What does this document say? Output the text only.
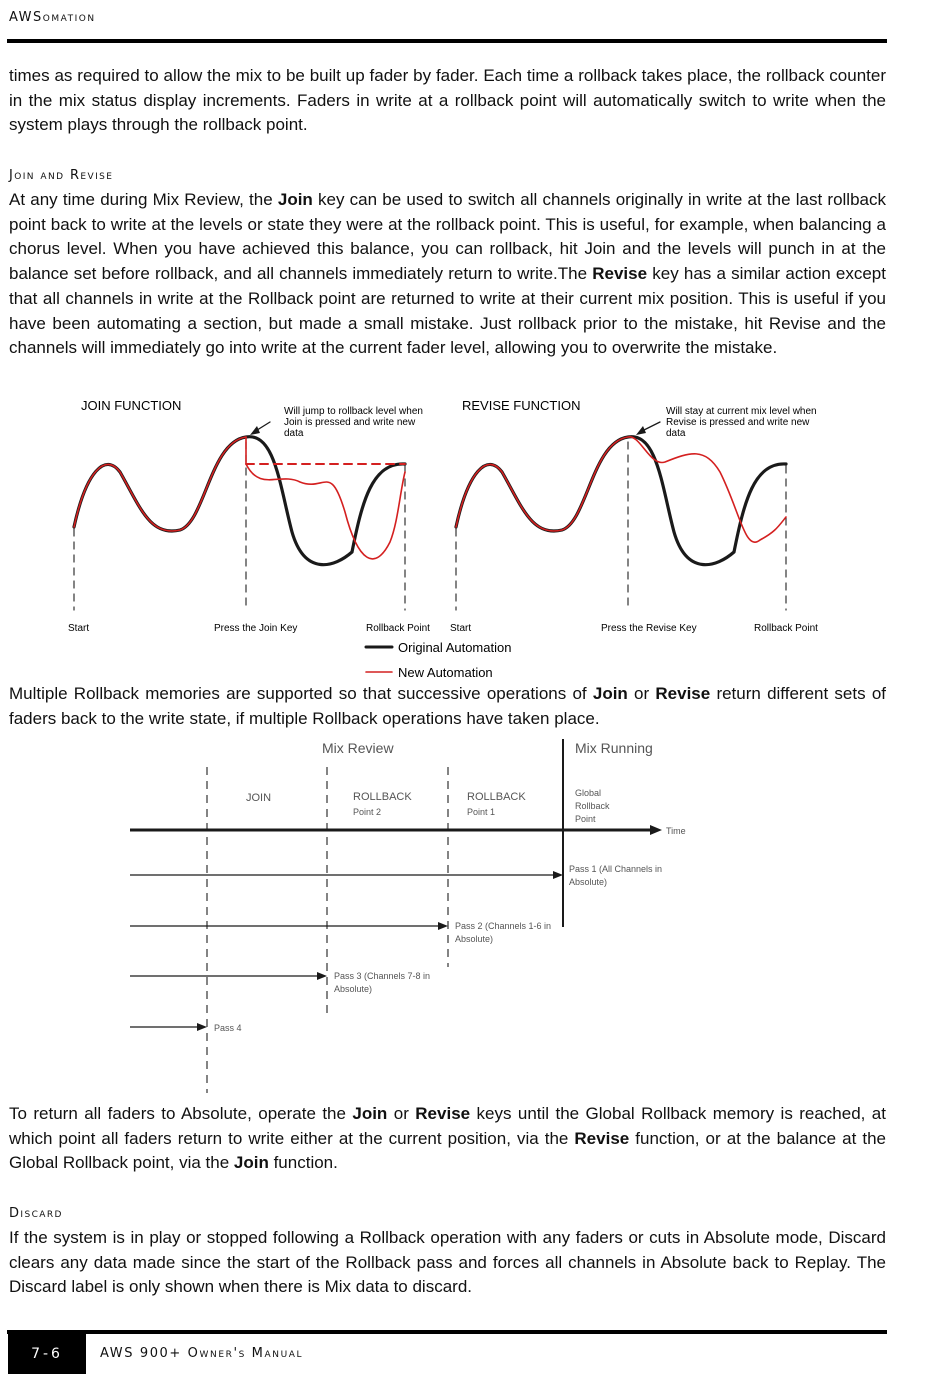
AWSomation

times as required to allow the mix to be built up fader by fader. Each time a rollback takes place, the rollback counter in the mix status display increments. Faders in write at a rollback point will automatically switch to write when the system plays through the rollback point.

Join and Revise

At any time during Mix Review, the Join key can be used to switch all channels originally in write at the last rollback point back to write at the levels or state they were at the rollback point. This is useful, for example, when balancing a chorus level. When you have achieved this balance, you can rollback, hit Join and the levels will punch in at the balance set before rollback, and all channels immediately return to write.The Revise key has a similar action except that all channels in write at the Rollback point are returned to write at their current mix position. This is useful if you have been automating a section, but made a small mistake. Just rollback prior to the mistake, hit Revise and the channels will immediately go into write at the current fader level, allowing you to overwrite the mistake.

JOIN FUNCTION	Will jump to rollback level when Join is pressed and write new data
REVISE FUNCTION	Will stay at current mix level when Revise is pressed and write new data
Start	Press the Join Key	Rollback Point Start	Press the Revise Key	Rollback Point
Original Automation
New Automation

Multiple Rollback memories are supported so that successive operations of Join or Revise return different sets of faders back to the write state, if multiple Rollback operations have taken place.

Mix Review	Mix Running
JOIN	ROLLBACK
Point 2
ROLLBACK
Point 1
Global Rollback Point
Time
Pass 1 (All Channels in Absolute)
Pass 2 (Channels 1-6 in Absolute)
Pass 3 (Channels 7-8 in Absolute)
Pass 4

To return all faders to Absolute, operate the Join or Revise keys until the Global Rollback memory is reached, at which point all faders return to write either at the current position, via the Revise function, or at the balance at the Global Rollback point, via the Join function.

Discard

If the system is in play or stopped following a Rollback operation with any faders or cuts in Absolute mode, Discard clears any data made since the start of the Rollback pass and forces all channels in Absolute back to Replay. The Discard label is only shown when there is Mix data to discard.

7-6	AWS 900+ Owner's Manual
